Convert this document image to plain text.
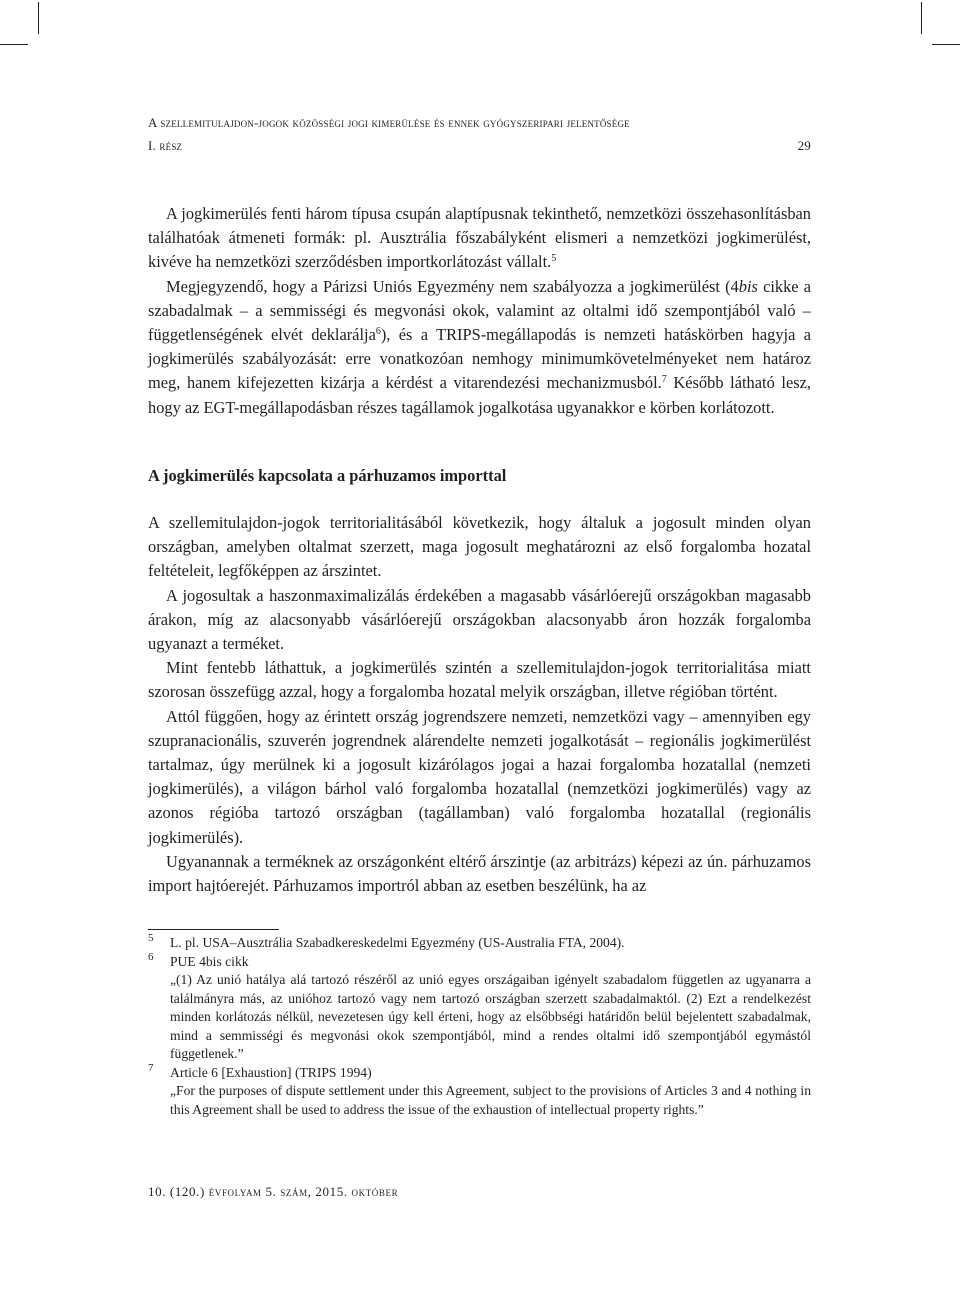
A szellemitulajdon-jogok közösségi jogi kimerülése és ennek gyógyszeripari jelentősége
I. rész	29

A jogkimerülés fenti három típusa csupán alaptípusnak tekinthető, nemzetközi összehasonlításban találhatóak átmeneti formák: pl. Ausztrália főszabályként elismeri a nemzetközi jogkimerülést, kivéve ha nemzetközi szerződésben importkorlátozást vállalt.$^5$

Megjegyzendő, hogy a Párizsi Uniós Egyezmény nem szabályozza a jogkimerülést (4bis cikke a szabadalmak – a semmisségi és megvonási okok, valamint az oltalmi idő szempontjából való – függetlenségének elvét deklarálja$^6$), és a TRIPS-megállapodás is nemzeti hatáskörben hagyja a jogkimerülés szabályozását: erre vonatkozóan nemhogy minimumkövetelményeket nem határoz meg, hanem kifejezetten kizárja a kérdést a vitarendezési mechanizmusból.$^7$ Később látható lesz, hogy az EGT-megállapodásban részes tagállamok jogalkotása ugyanakkor e körben korlátozott.

A jogkimerülés kapcsolata a párhuzamos importtal

A szellemitulajdon-jogok territorialitásából következik, hogy általuk a jogosult minden olyan országban, amelyben oltalmat szerzett, maga jogosult meghatározni az első forgalomba hozatal feltételeit, legfőképpen az árszintet.

A jogosultak a haszonmaximalizálás érdekében a magasabb vásárlóerejű országokban magasabb árakon, míg az alacsonyabb vásárlóerejű országokban alacsonyabb áron hozzák forgalomba ugyanazt a terméket.

Mint fentebb láthattuk, a jogkimerülés szintén a szellemitulajdon-jogok territorialitása miatt szorosan összefügg azzal, hogy a forgalomba hozatal melyik országban, illetve régióban történt.

Attól függően, hogy az érintett ország jogrendszere nemzeti, nemzetközi vagy – amennyiben egy szupranacionális, szuverén jogrendnek alárendelte nemzeti jogalkotását – regionális jogkimerülést tartalmaz, úgy merülnek ki a jogosult kizárólagos jogai a hazai forgalomba hozatallal (nemzeti jogkimerülés), a világon bárhol való forgalomba hozatallal (nemzetközi jogkimerülés) vagy az azonos régióba tartozó országban (tagállamban) való forgalomba hozatallal (regionális jogkimerülés).

Ugyanannak a terméknek az országonként eltérő árszintje (az arbitrázs) képezi az ún. párhuzamos import hajtóerejét. Párhuzamos importról abban az esetben beszélünk, ha az

5 L. pl. USA–Ausztrália Szabadkereskedelmi Egyezmény (US-Australia FTA, 2004).
6 PUE 4bis cikk
„(1) Az unió hatálya alá tartozó részéről az unió egyes országaiban igényelt szabadalom független az ugyanarra a találmányra más, az unióhoz tartozó vagy nem tartozó országban szerzett szabadalmaktól. (2) Ezt a rendelkezést minden korlátozás nélkül, nevezetesen úgy kell érteni, hogy az elsőbbségi határidőn belül bejelentett szabadalmak, mind a semmisségi és megvonási okok szempontjából, mind a rendes oltalmi idő szempontjából egymástól függetlenek.”
7 Article 6 [Exhaustion] (TRIPS 1994)
„For the purposes of dispute settlement under this Agreement, subject to the provisions of Articles 3 and 4 nothing in this Agreement shall be used to address the issue of the exhaustion of intellectual property rights.”
10. (120.) évfolyam 5. szám, 2015. október
